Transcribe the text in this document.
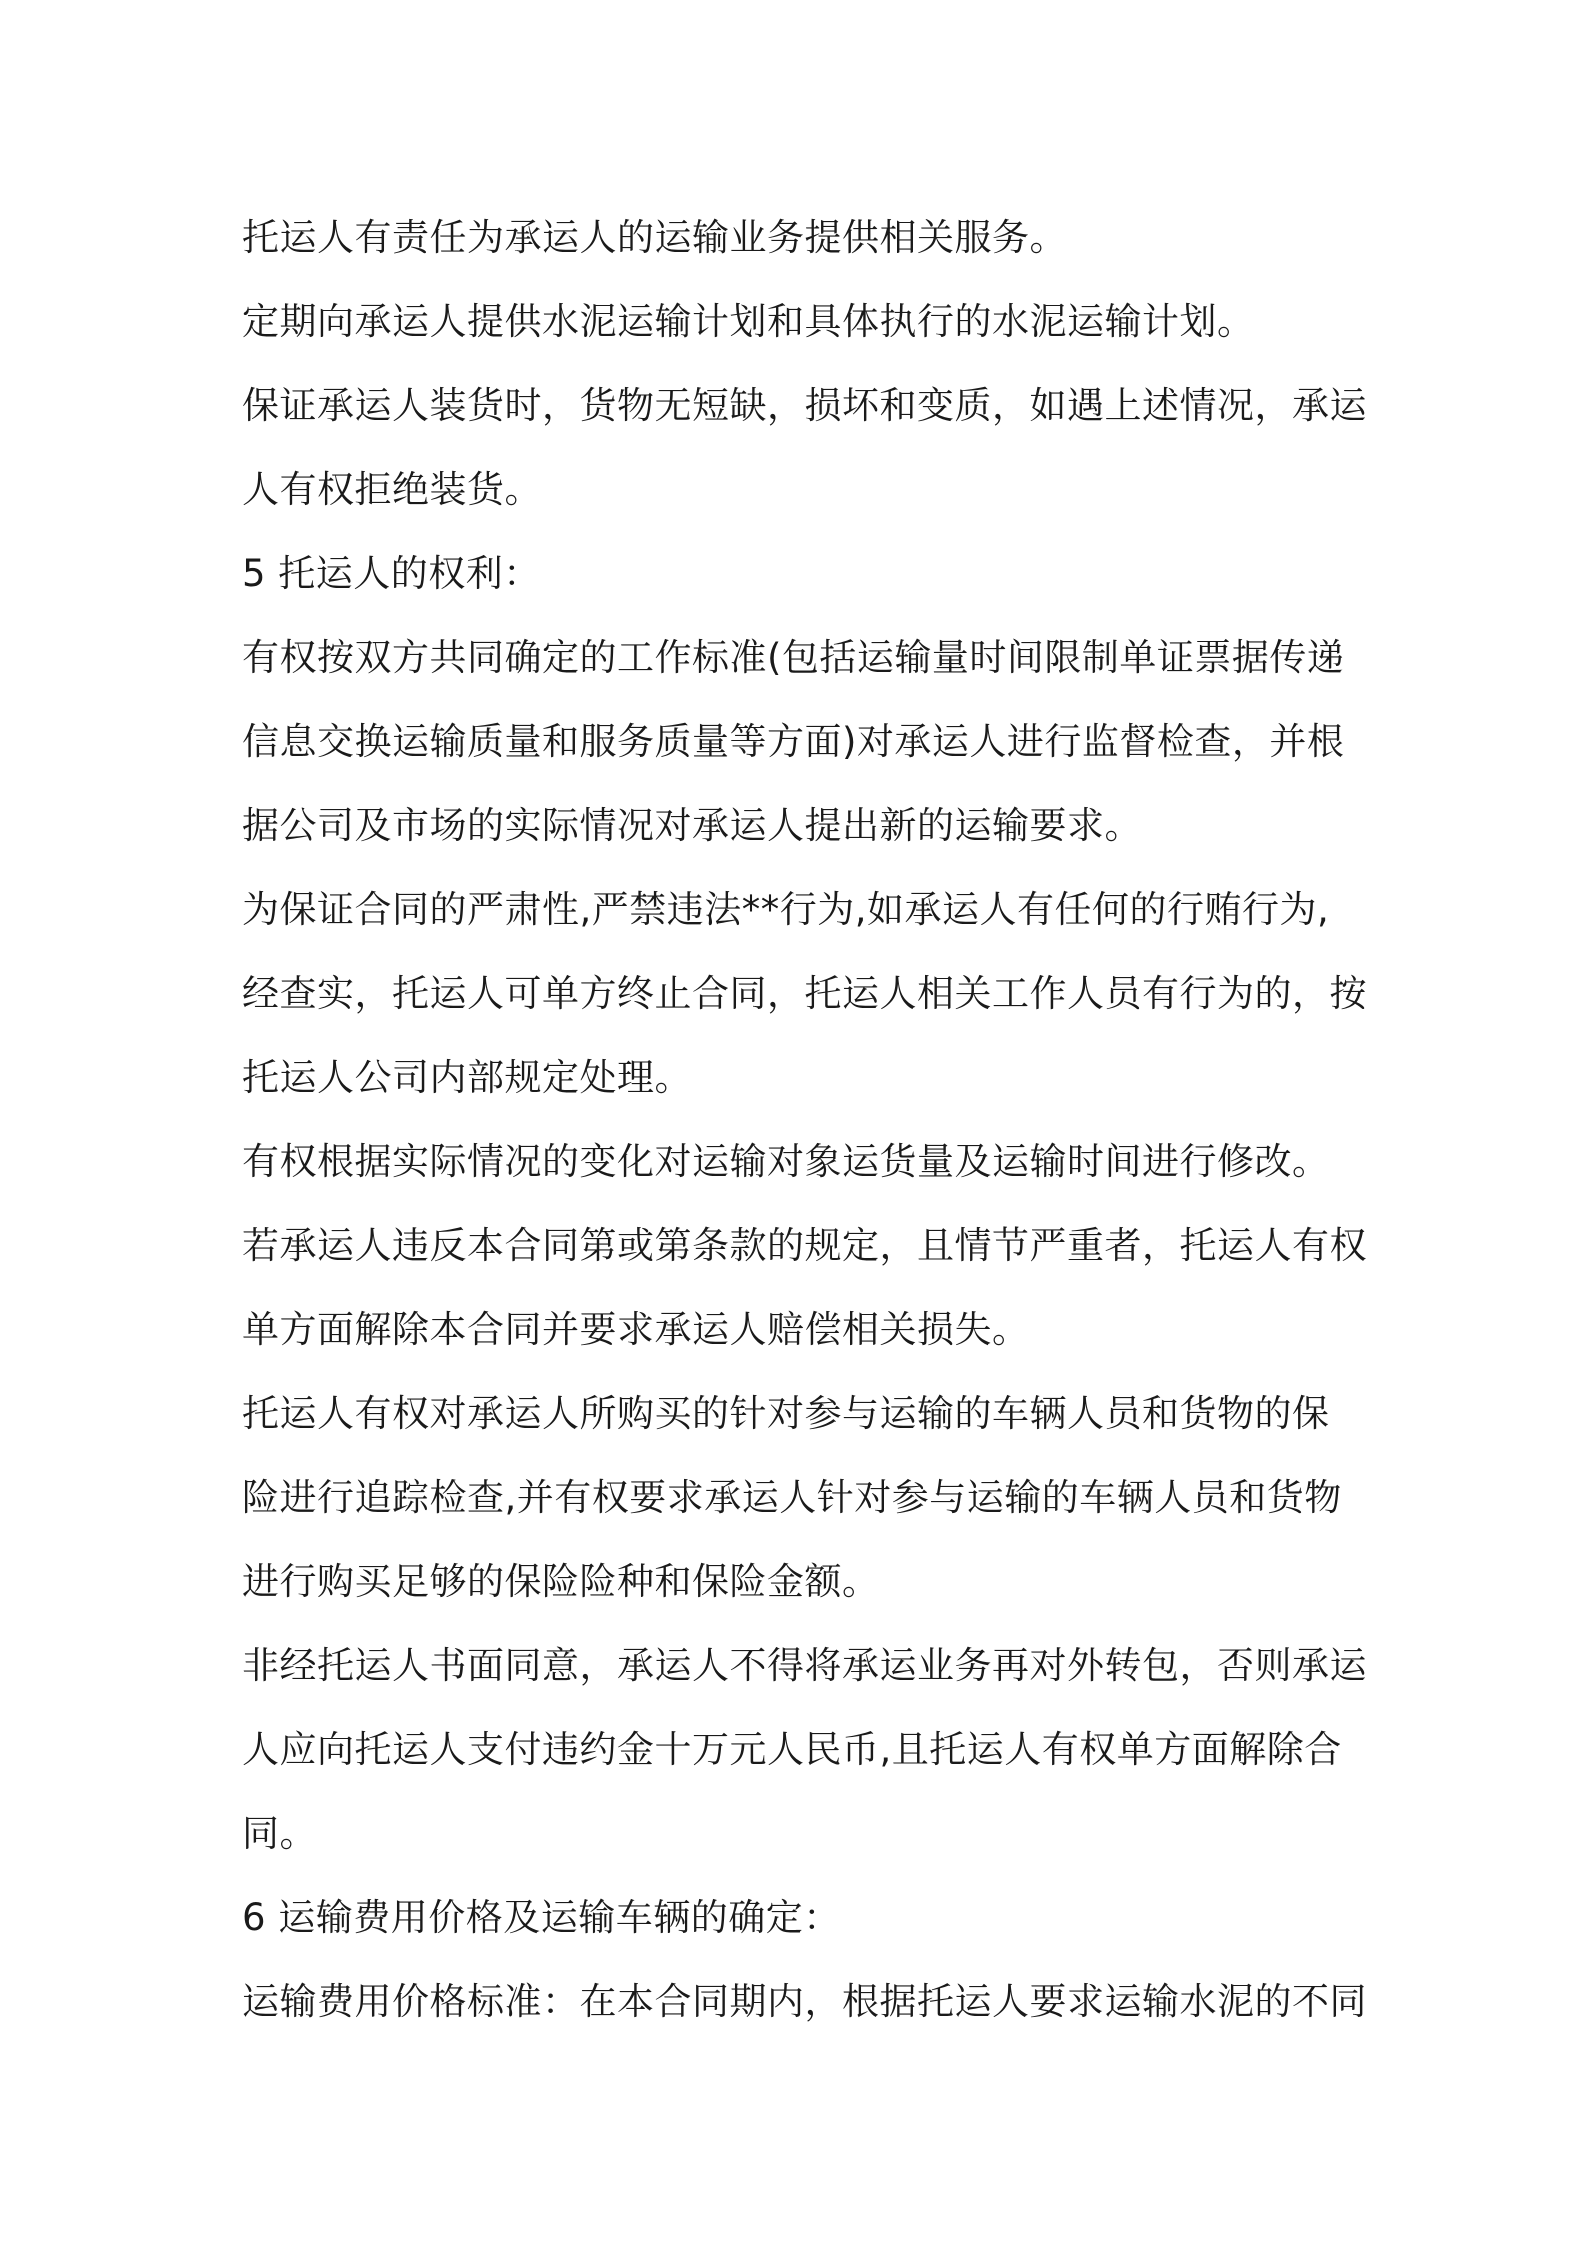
托运人有责任为承运人的运输业务提供相关服务。

定期向承运人提供水泥运输计划和具体执行的水泥运输计划。

保证承运人装货时，货物无短缺，损坏和变质，如遇上述情况，承运
人有权拒绝装货。

5 托运人的权利：

有权按双方共同确定的工作标准(包括运输量时间限制单证票据传递
信息交换运输质量和服务质量等方面)对承运人进行监督检查，并根
据公司及市场的实际情况对承运人提出新的运输要求。

为保证合同的严肃性,严禁违法**行为,如承运人有任何的行贿行为,
经查实，托运人可单方终止合同，托运人相关工作人员有行为的，按
托运人公司内部规定处理。

有权根据实际情况的变化对运输对象运货量及运输时间进行修改。

若承运人违反本合同第或第条款的规定，且情节严重者，托运人有权
单方面解除本合同并要求承运人赔偿相关损失。

托运人有权对承运人所购买的针对参与运输的车辆人员和货物的保
险进行追踪检查,并有权要求承运人针对参与运输的车辆人员和货物
进行购买足够的保险险种和保险金额。

非经托运人书面同意，承运人不得将承运业务再对外转包，否则承运
人应向托运人支付违约金十万元人民币,且托运人有权单方面解除合
同。

6 运输费用价格及运输车辆的确定：

运输费用价格标准：在本合同期内，根据托运人要求运输水泥的不同
